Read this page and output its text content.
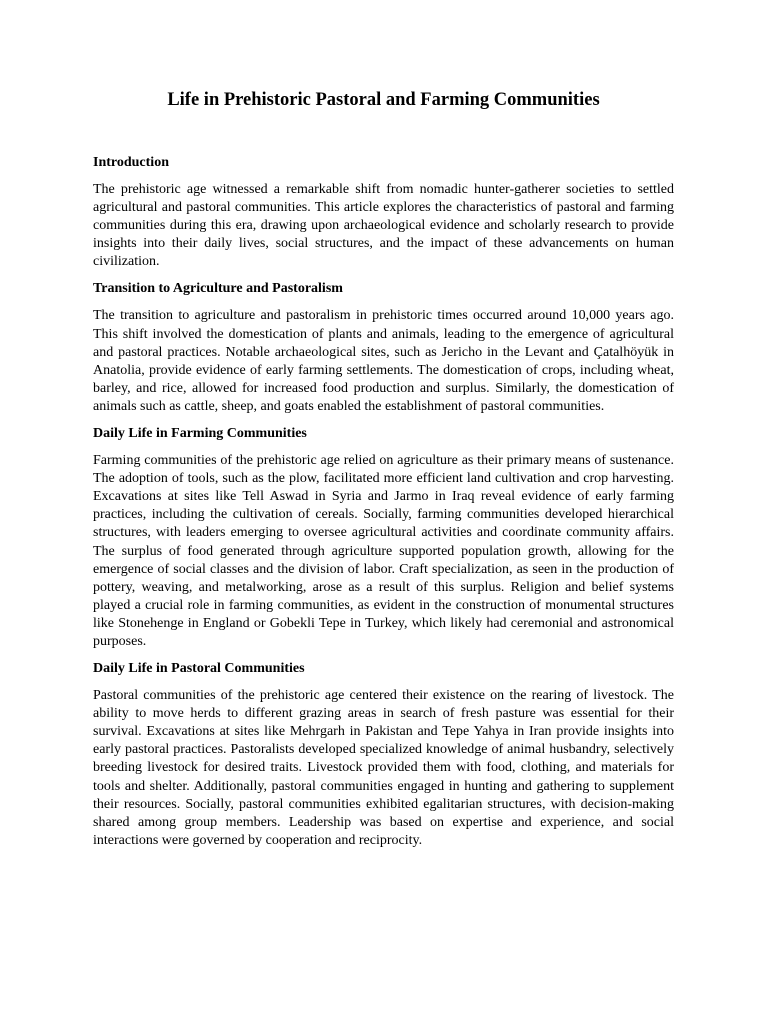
Life in Prehistoric Pastoral and Farming Communities
Introduction

The prehistoric age witnessed a remarkable shift from nomadic hunter-gatherer societies to settled agricultural and pastoral communities. This article explores the characteristics of pastoral and farming communities during this era, drawing upon archaeological evidence and scholarly research to provide insights into their daily lives, social structures, and the impact of these advancements on human civilization.

Transition to Agriculture and Pastoralism

The transition to agriculture and pastoralism in prehistoric times occurred around 10,000 years ago. This shift involved the domestication of plants and animals, leading to the emergence of agricultural and pastoral practices. Notable archaeological sites, such as Jericho in the Levant and Çatalhöyük in Anatolia, provide evidence of early farming settlements. The domestication of crops, including wheat, barley, and rice, allowed for increased food production and surplus. Similarly, the domestication of animals such as cattle, sheep, and goats enabled the establishment of pastoral communities.

Daily Life in Farming Communities

Farming communities of the prehistoric age relied on agriculture as their primary means of sustenance. The adoption of tools, such as the plow, facilitated more efficient land cultivation and crop harvesting. Excavations at sites like Tell Aswad in Syria and Jarmo in Iraq reveal evidence of early farming practices, including the cultivation of cereals. Socially, farming communities developed hierarchical structures, with leaders emerging to oversee agricultural activities and coordinate community affairs. The surplus of food generated through agriculture supported population growth, allowing for the emergence of social classes and the division of labor. Craft specialization, as seen in the production of pottery, weaving, and metalworking, arose as a result of this surplus. Religion and belief systems played a crucial role in farming communities, as evident in the construction of monumental structures like Stonehenge in England or Gobekli Tepe in Turkey, which likely had ceremonial and astronomical purposes.

Daily Life in Pastoral Communities

Pastoral communities of the prehistoric age centered their existence on the rearing of livestock. The ability to move herds to different grazing areas in search of fresh pasture was essential for their survival. Excavations at sites like Mehrgarh in Pakistan and Tepe Yahya in Iran provide insights into early pastoral practices. Pastoralists developed specialized knowledge of animal husbandry, selectively breeding livestock for desired traits. Livestock provided them with food, clothing, and materials for tools and shelter. Additionally, pastoral communities engaged in hunting and gathering to supplement their resources. Socially, pastoral communities exhibited egalitarian structures, with decision-making shared among group members. Leadership was based on expertise and experience, and social interactions were governed by cooperation and reciprocity.
